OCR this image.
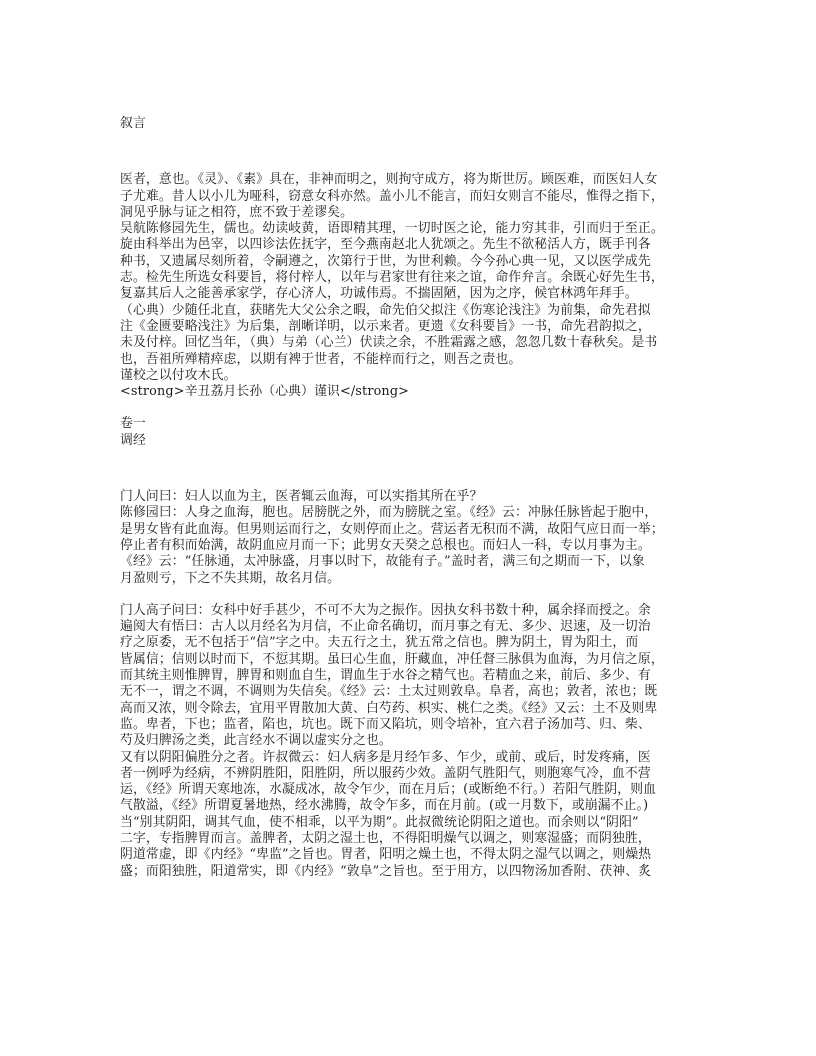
叙言
医者，意也。《灵》、《素》具在，非神而明之，则拘守成方，将为斯世厉。顾医难，而医妇人女
子尤难。昔人以小儿为哑科，窃意女科亦然。盖小儿不能言，而妇女则言不能尽，惟得之指下，
洞见乎脉与证之相符，庶不致于差谬矣。
吴航陈修园先生，儒也。幼读岐黄，语即精其理，一切时医之论，能力穷其非，引而归于至正。
旋由科举出为邑宰，以四诊法佐抚字，至今燕南赵北人犹颂之。先生不欲秘活人方，既手刊各
种书，又遗属尽刻所着，令嗣遵之，次第行于世，为世利赖。今今孙心典一见，又以医学成先
志。检先生所选女科要旨，将付梓人，以年与君家世有往来之谊，命作弁言。余既心好先生书，
复嘉其后人之能善承家学，存心济人，功诚伟焉。不揣固陋，因为之序，候官林鸿年拜手。
（心典）少随任北直，获睹先大父公余之暇，命先伯父拟注《伤寒论浅注》为前集，命先君拟
注《金匮要略浅注》为后集，剖晰详明，以示来者。更遗《女科要旨》一书，命先君韵拟之，
未及付梓。回忆当年，（典）与弟（心兰）伏读之余，不胜霜露之感，忽忽几数十春秋矣。是书
也，吾祖所殚精瘁虑，以期有裨于世者，不能梓而行之，则吾之责也。
谨校之以付攻木氏。
<strong>辛丑荔月长孙（心典）谨识</strong>
卷一
调经
门人问曰：妇人以血为主，医者辄云血海，可以实指其所在乎？
陈修园曰：人身之血海，胞也。居膀胱之外，而为膀胱之室。《经》云：冲脉任脉皆起于胞中，
是男女皆有此血海。但男则运而行之，女则停而止之。营运者无积而不满，故阳气应日而一举；
停止者有积而始满，故阴血应月而一下；此男女天癸之总根也。而妇人一科，专以月事为主。
《经》云：“任脉通，太冲脉盛，月事以时下，故能有子。”盖时者，满三旬之期而一下，以象
月盈则亏，下之不失其期，故名月信。
门人高子问曰：女科中好手甚少，不可不大为之振作。因执女科书数十种，属余择而授之。余
遍阅大有悟曰：古人以月经名为月信，不止命名确切，而月事之有无、多少、迟速，及一切治
疗之原委，无不包括于“信”字之中。夫五行之土，犹五常之信也。脾为阴土，胃为阳土，而
皆属信；信则以时而下，不愆其期。虽曰心生血，肝藏血，冲任督三脉俱为血海，为月信之原，
而其统主则惟脾胃，脾胃和则血自生，谓血生于水谷之精气也。若精血之来，前后、多少、有
无不一，谓之不调，不调则为失信矣。《经》云：土太过则敦阜。阜者，高也；敦者，浓也；既
高而又浓，则令除去，宜用平胃散加大黄、白芍药、枳实、桃仁之类。《经》又云：土不及则卑
监。卑者，下也；监者，陷也，坑也。既下而又陷坑，则令培补，宜六君子汤加芎、归、柴、
芍及归脾汤之类，此言经水不调以虚实分之也。
又有以阴阳偏胜分之者。许叔微云：妇人病多是月经乍多、乍少，或前、或后，时发疼痛，医
者一例呼为经病，不辨阴胜阳，阳胜阴，所以服药少效。盖阴气胜阳气，则胞寒气冷，血不营
运，《经》所谓天寒地冻，水凝成冰，故令乍少，而在月后；(或断绝不行。）若阳气胜阴，则血
气散溢，《经》所谓夏暑地热，经水沸腾，故令乍多，而在月前。(或一月数下，或崩漏不止。)
当“别其阴阳，调其气血，使不相乖，以平为期”。此叔微统论阴阳之道也。而余则以“阴阳”
二字，专指脾胃而言。盖脾者，太阴之湿土也，不得阳明燥气以调之，则寒湿盛；而阴独胜，
阴道常虚，即《内经》“卑监”之旨也。胃者，阳明之燥土也，不得太阴之湿气以调之，则燥热
盛；而阳独胜，阳道常实，即《内经》“敦阜”之旨也。至于用方，以四物汤加香附、茯神、炙
